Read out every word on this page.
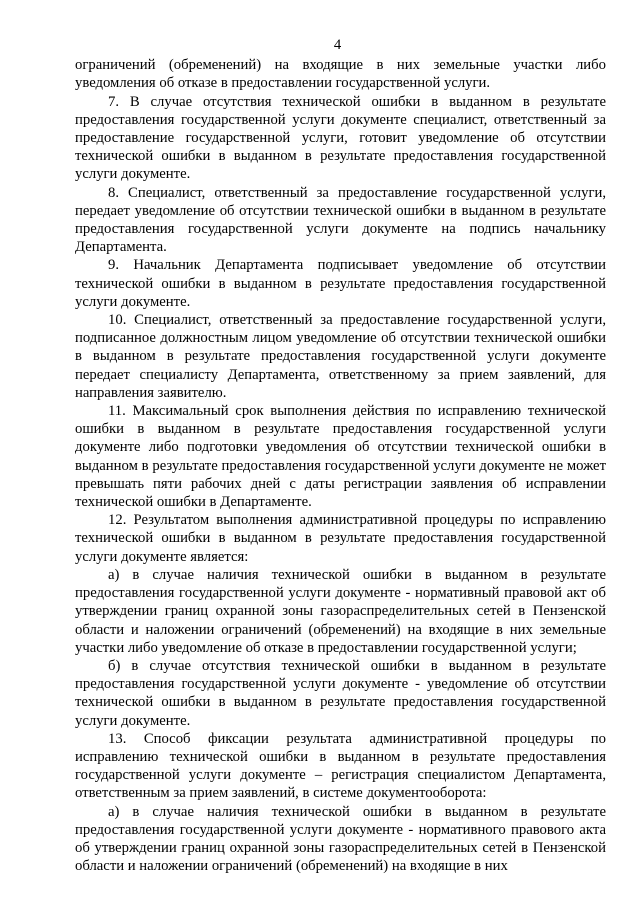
4

ограничений (обременений) на входящие в них земельные участки либо уведомления об отказе в предоставлении государственной услуги.

7. В случае отсутствия технической ошибки в выданном в результате предоставления государственной услуги документе специалист, ответственный за предоставление государственной услуги, готовит уведомление об отсутствии технической ошибки в выданном в результате предоставления государственной услуги документе.

8. Специалист, ответственный за предоставление государственной услуги, передает уведомление об отсутствии технической ошибки в выданном в результате предоставления государственной услуги документе на подпись начальнику Департамента.

9. Начальник Департамента подписывает уведомление об отсутствии технической ошибки в выданном в результате предоставления государственной услуги документе.

10. Специалист, ответственный за предоставление государственной услуги, подписанное должностным лицом уведомление об отсутствии технической ошибки в выданном в результате предоставления государственной услуги документе передает специалисту Департамента, ответственному за прием заявлений, для направления заявителю.

11. Максимальный срок выполнения действия по исправлению технической ошибки в выданном в результате предоставления государственной услуги документе либо подготовки уведомления об отсутствии технической ошибки в выданном в результате предоставления государственной услуги документе не может превышать пяти рабочих дней с даты регистрации заявления об исправлении технической ошибки в Департаменте.

12. Результатом выполнения административной процедуры по исправлению технической ошибки в выданном в результате предоставления государственной услуги документе является:

а) в случае наличия технической ошибки в выданном в результате предоставления государственной услуги документе - нормативный правовой акт об утверждении границ охранной зоны газораспределительных сетей в Пензенской области и наложении ограничений (обременений) на входящие в них земельные участки либо уведомление об отказе в предоставлении государственной услуги;

б) в случае отсутствия технической ошибки в выданном в результате предоставления государственной услуги документе - уведомление об отсутствии технической ошибки в выданном в результате предоставления государственной услуги документе.

13. Способ фиксации результата административной процедуры по исправлению технической ошибки в выданном в результате предоставления государственной услуги документе – регистрация специалистом Департамента, ответственным за прием заявлений, в системе документооборота:

а) в случае наличия технической ошибки в выданном в результате предоставления государственной услуги документе - нормативного правового акта об утверждении границ охранной зоны газораспределительных сетей в Пензенской области и наложении ограничений (обременений) на входящие в них
